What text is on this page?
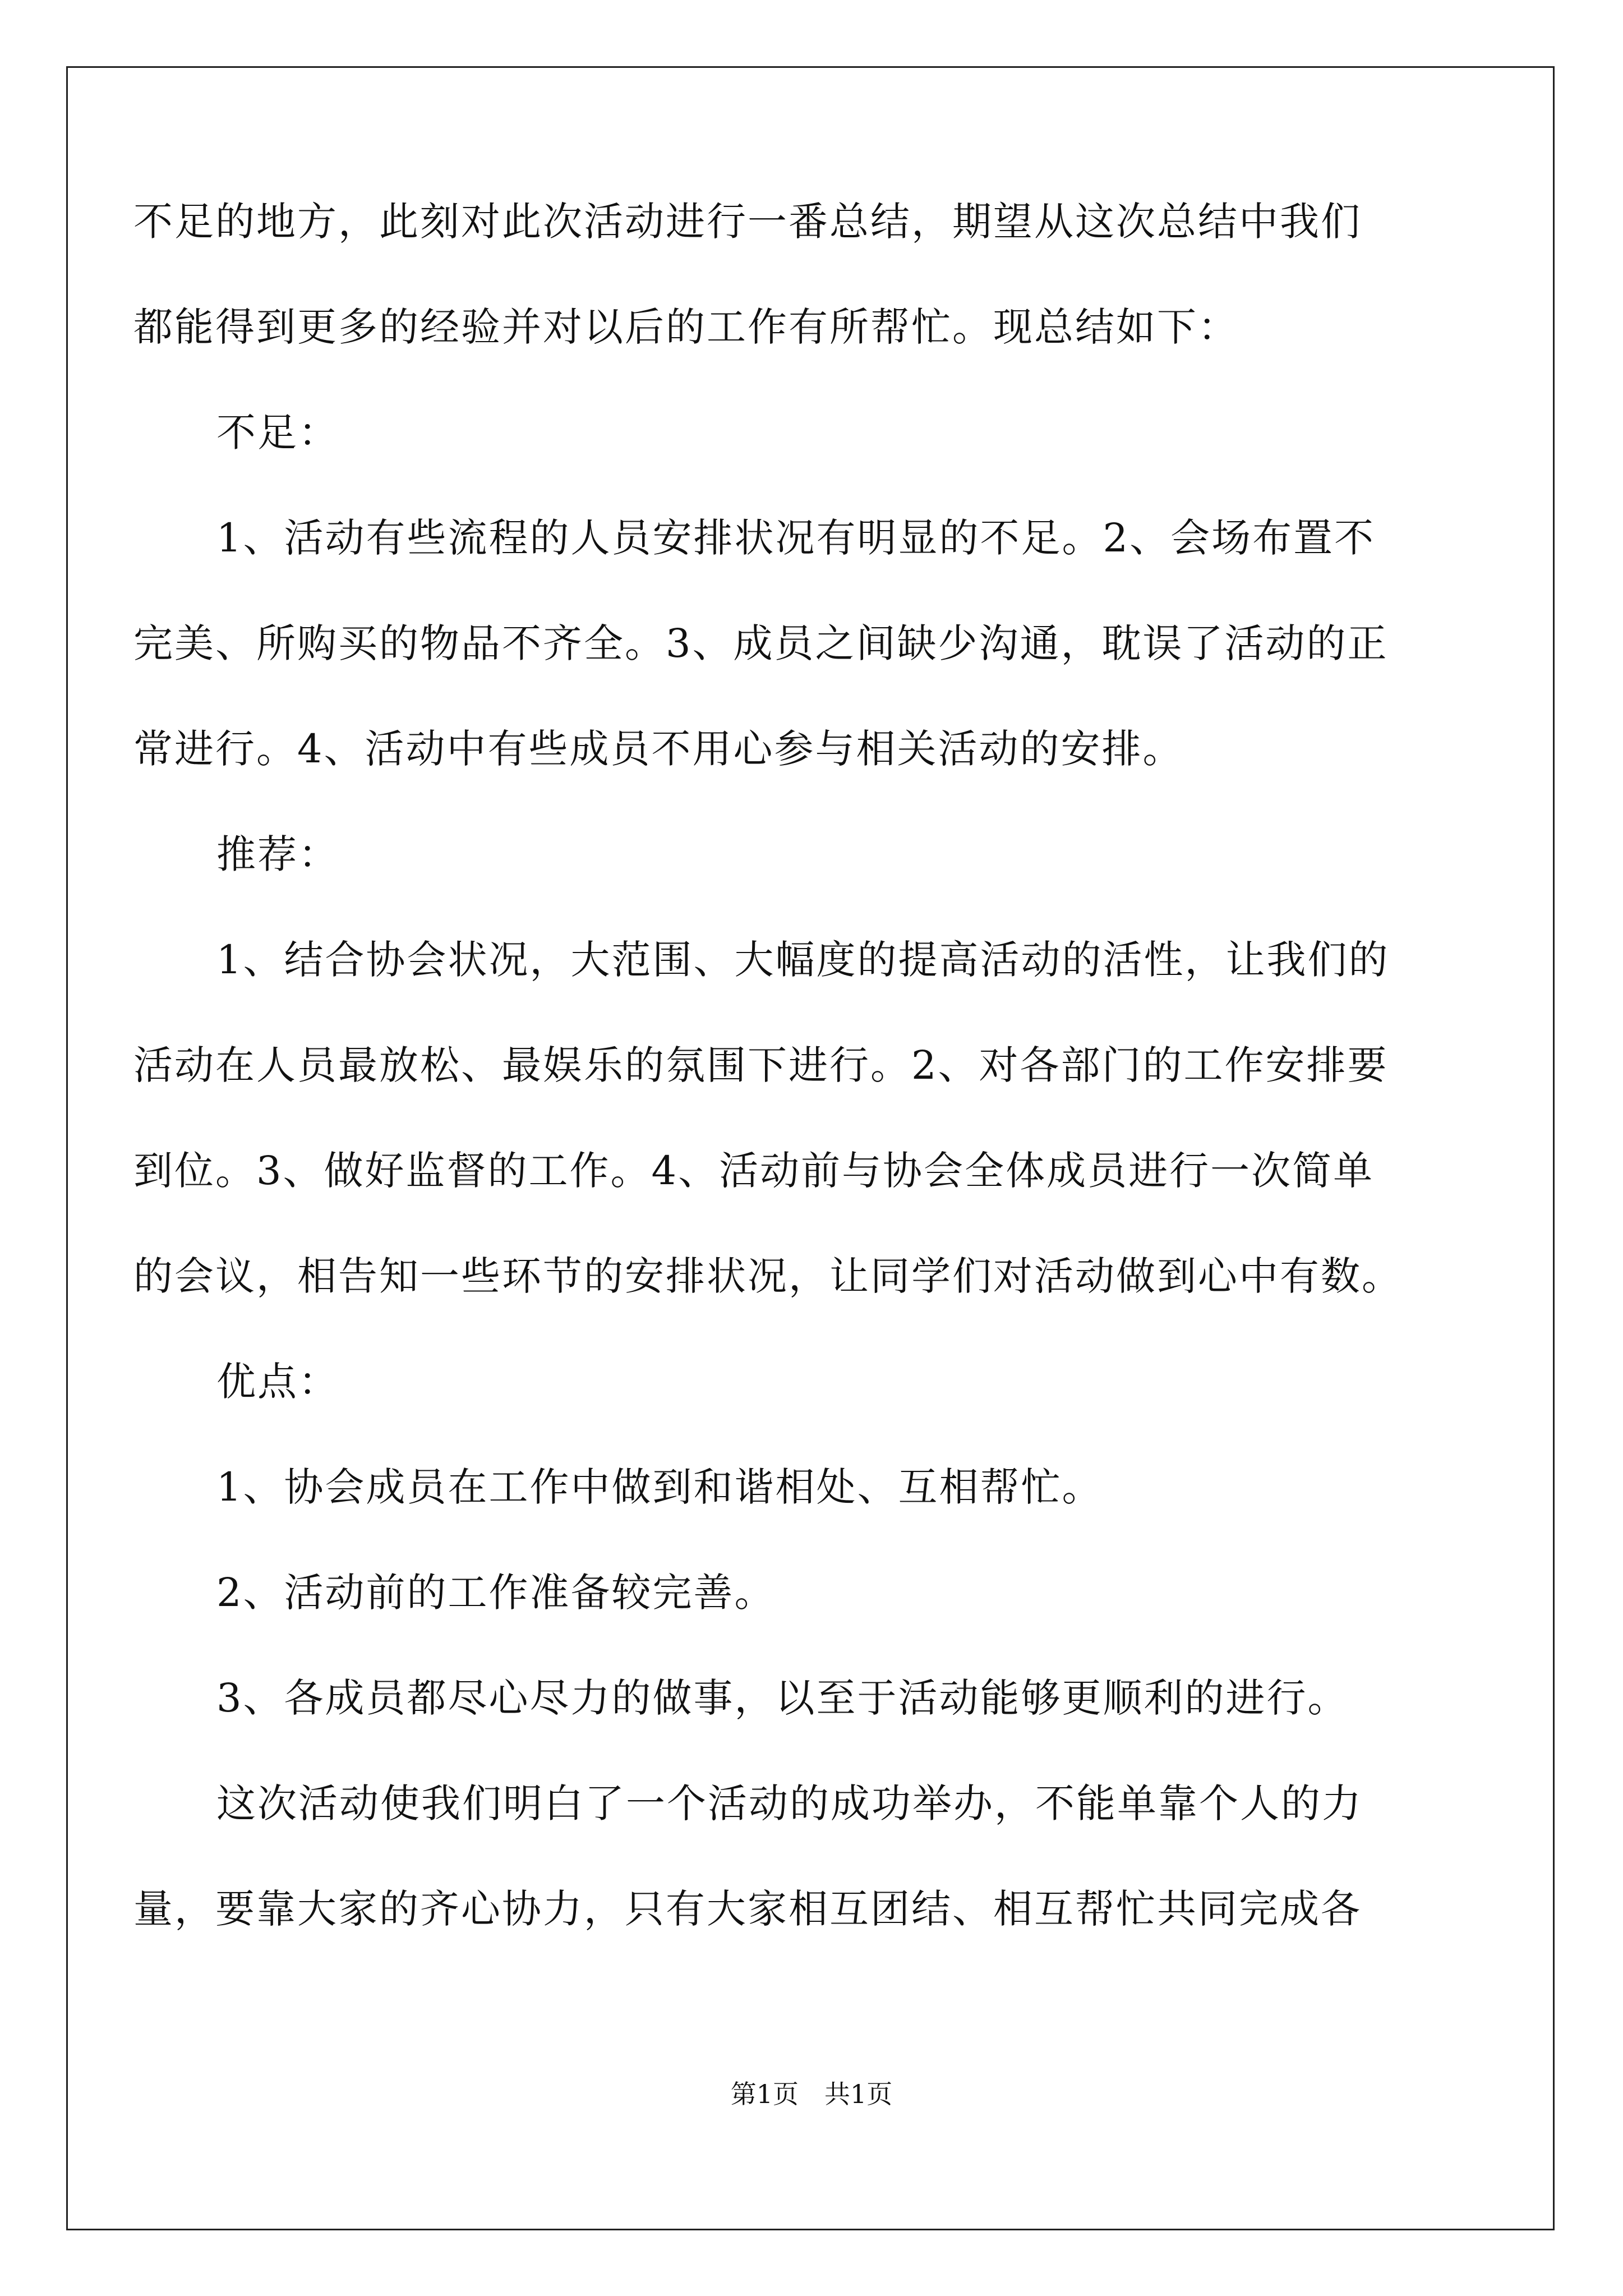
不足的地方，此刻对此次活动进行一番总结，期望从这次总结中我们
都能得到更多的经验并对以后的工作有所帮忙。现总结如下：
不足：
1、活动有些流程的人员安排状况有明显的不足。2、会场布置不
完美、所购买的物品不齐全。3、成员之间缺少沟通，耽误了活动的正
常进行。4、活动中有些成员不用心参与相关活动的安排。
推荐：
1、结合协会状况，大范围、大幅度的提高活动的活性，让我们的
活动在人员最放松、最娱乐的氛围下进行。2、对各部门的工作安排要
到位。3、做好监督的工作。4、活动前与协会全体成员进行一次简单
的会议，相告知一些环节的安排状况，让同学们对活动做到心中有数。
优点：
1、协会成员在工作中做到和谐相处、互相帮忙。
2、活动前的工作准备较完善。
3、各成员都尽心尽力的做事，以至于活动能够更顺利的进行。
这次活动使我们明白了一个活动的成功举办，不能单靠个人的力
量，要靠大家的齐心协力，只有大家相互团结、相互帮忙共同完成各
第1页　共1页
